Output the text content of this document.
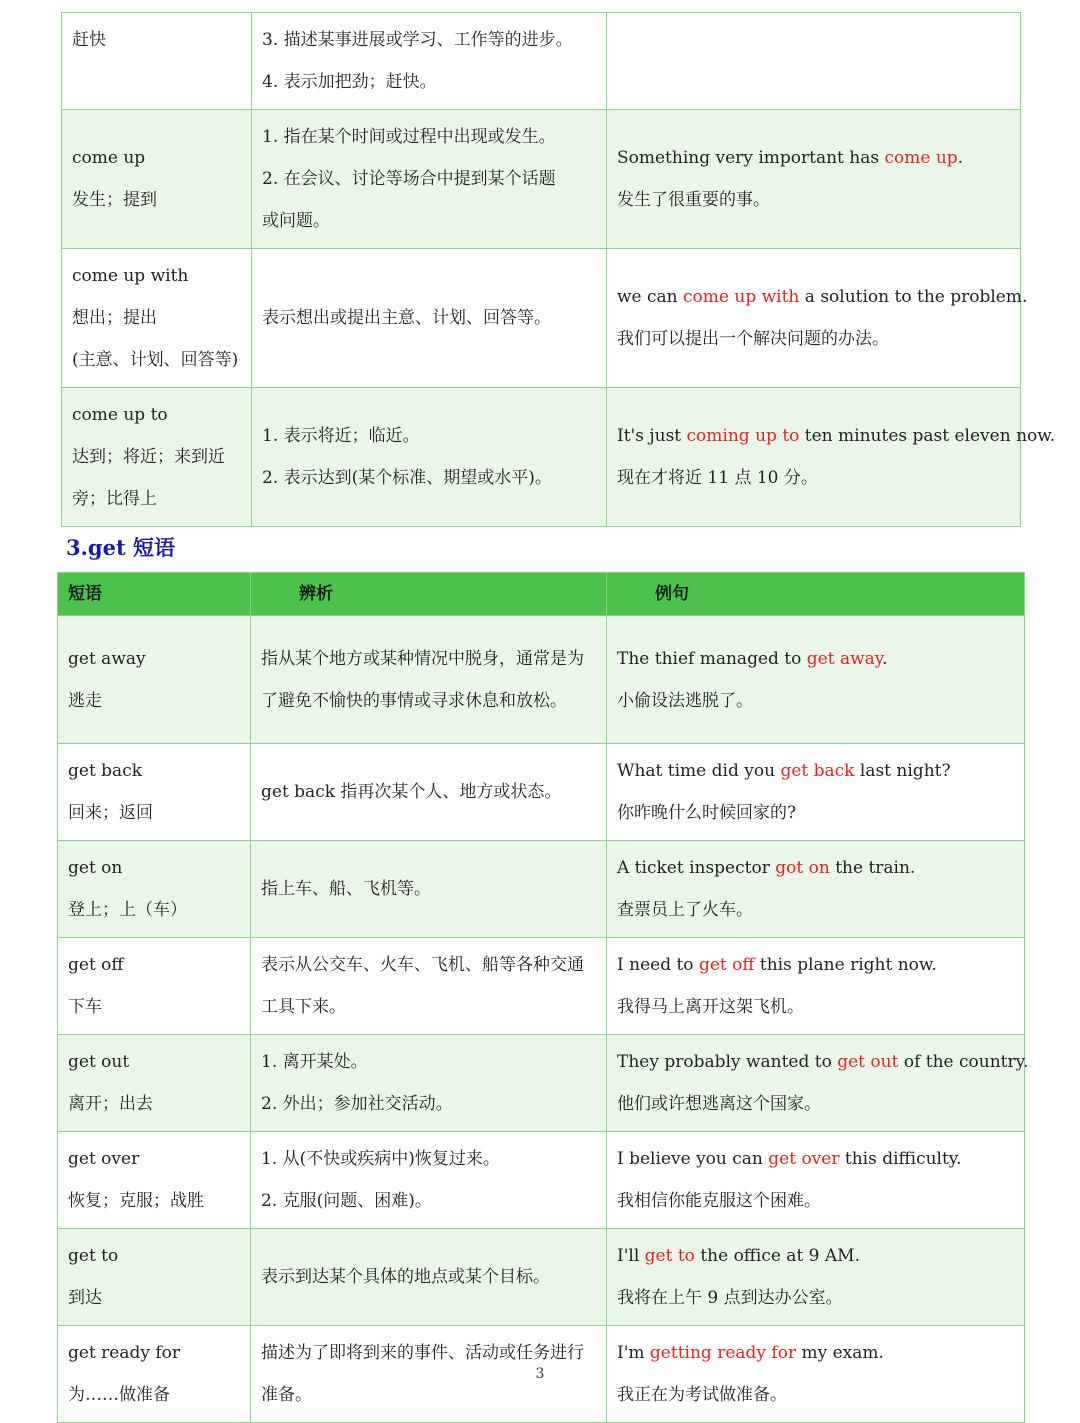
赶快	3. 描述某事进展或学习、工作等的进步。
4. 表示加把劲；赶快。	

come up
发生；提到	1. 指在某个时间或过程中出现或发生。
2. 在会议、讨论等场合中提到某个话题
或问题。	Something very important has come up.
发生了很重要的事。

come up with
想出；提出
(主意、计划、回答等)	表示想出或提出主意、计划、回答等。	we can come up with a solution to the problem.
我们可以提出一个解决问题的办法。

come up to
达到；将近；来到近
旁；比得上	1. 表示将近；临近。
2. 表示达到(某个标准、期望或水平)。	It's just coming up to ten minutes past eleven now.
现在才将近 11 点 10 分。
3.get 短语
短语	辨析	例句

get away
逃走	指从某个地方或某种情况中脱身，通常是为了避免不愉快的事情或寻求休息和放松。	The thief managed to get away.
小偷设法逃脱了。

get back
回来；返回	get back 指再次某个人、地方或状态。	What time did you get back last night?
你昨晚什么时候回家的?

get on
登上；上（车）	指上车、船、飞机等。	A ticket inspector got on the train.
查票员上了火车。

get off
下车	表示从公交车、火车、飞机、船等各种交通工具下来。	I need to get off this plane right now.
我得马上离开这架飞机。

get out
离开；出去	1. 离开某处。
2. 外出；参加社交活动。	They probably wanted to get out of the country.
他们或许想逃离这个国家。

get over
恢复；克服；战胜	1. 从(不快或疾病中)恢复过来。
2. 克服(问题、困难)。	I believe you can get over this difficulty.
我相信你能克服这个困难。

get to
到达	表示到达某个具体的地点或某个目标。	I'll get to the office at 9 AM.
我将在上午 9 点到达办公室。

get ready for
为……做准备	描述为了即将到来的事件、活动或任务进行准备。	I'm getting ready for my exam.
我正在为考试做准备。
3
